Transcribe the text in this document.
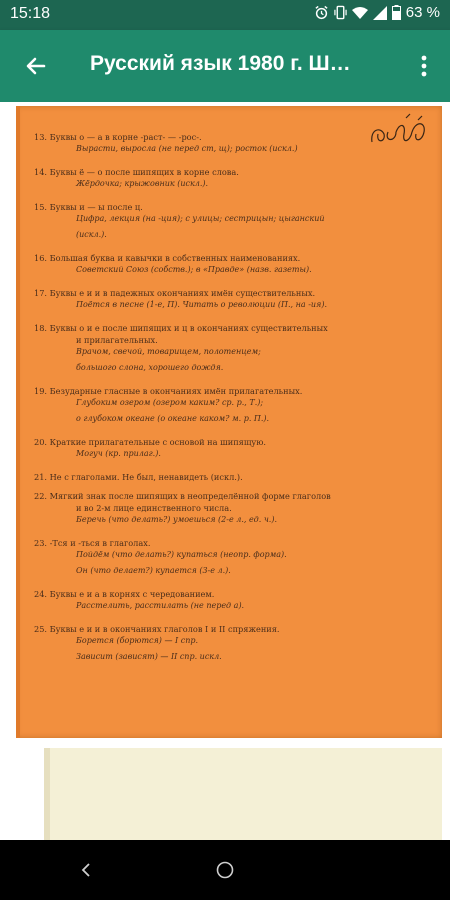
15:18	63 %
Русский язык 1980 г. Ш…
13. Буквы о — а в корне -раст- — -рос-.
Вырасти, выросла (не перед ст, щ); росток (искл.)
14. Буквы ё — о после шипящих в корне слова.
Жёрдочка; крыжовник (искл.).
15. Буквы и — ы после ц.
Цифра, лекция (на -ция); с улицы; сестрицын; цыганский
(искл.).
16. Большая буква и кавычки в собственных наименованиях.
Советский Союз (собств.); в «Правде» (назв. газеты).
17. Буквы е и и в падежных окончаниях имён существительных.
Поётся в песне (1-е, П). Читать о революции (П., на -ия).
18. Буквы о и е после шипящих и ц в окончаниях существительных
и прилагательных.
Врачом, свечой, товарищем, полотенцем;
большого слона, хорошего дождя.
19. Безударные гласные в окончаниях имён прилагательных.
Глубоким озером (озером каким? ср. р., Т.);
о глубоком океане (о океане каком? м. р. П.).
20. Краткие прилагательные с основой на шипящую.
Могуч (кр. прилаг.).
21. Не с глаголами. Не был, ненавидеть (искл.).
22. Мягкий знак после шипящих в неопределённой форме глаголов
и во 2-м лице единственного числа.
Беречь (что делать?) умоешься (2-е л., ед. ч.).
23. -Тся и -ться в глаголах.
Пойдём (что делать?) купаться (неопр. форма).
Он (что делает?) купается (3-е л.).
24. Буквы е и а в корнях с чередованием.
Расстелить, расстилать (не перед а).
25. Буквы е и и в окончаниях глаголов I и II спряжения.
Борется (борются) — I спр.
Зависит (зависят) — II спр. искл.
